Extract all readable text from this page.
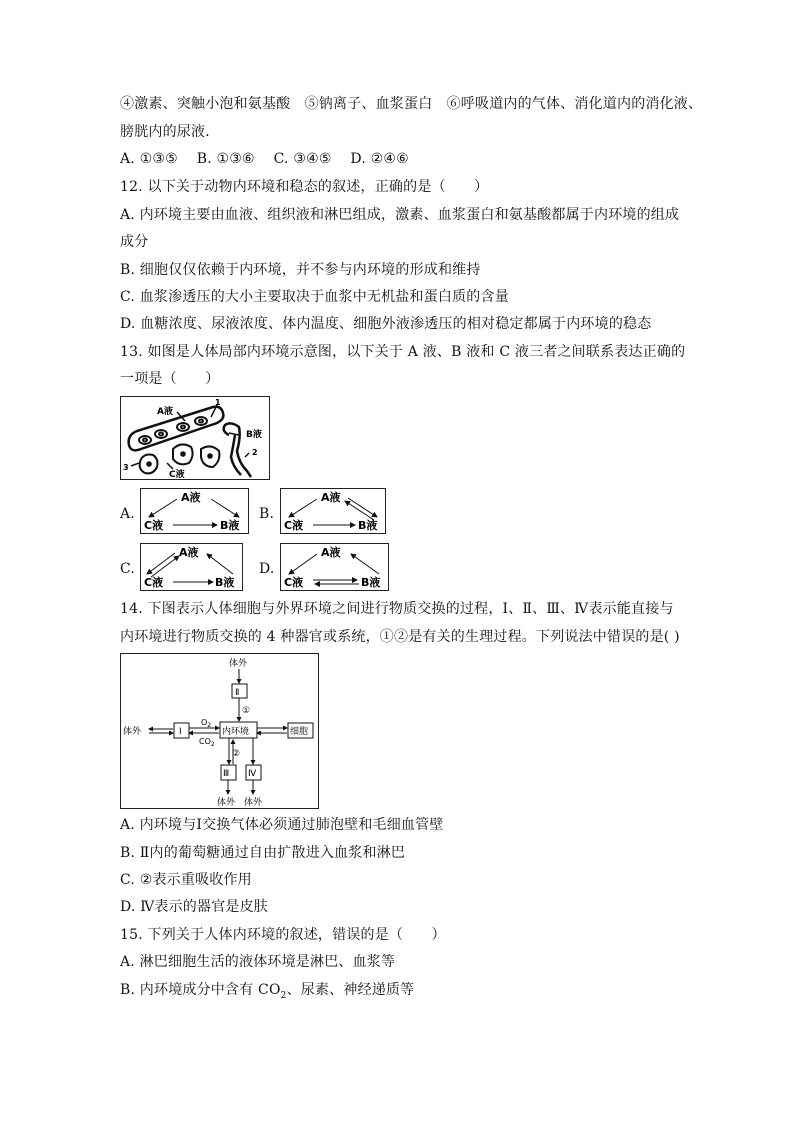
④激素、突触小泡和氨基酸　⑤钠离子、血浆蛋白　⑥呼吸道内的气体、消化道内的消化液、
膀胱内的尿液．
A. ①③⑤　 B. ①③⑥　 C. ③④⑤　 D. ②④⑥
12. 以下关于动物内环境和稳态的叙述，正确的是（　　）
A. 内环境主要由血液、组织液和淋巴组成，激素、血浆蛋白和氨基酸都属于内环境的组成
成分
B. 细胞仅仅依赖于内环境，并不参与内环境的形成和维持
C. 血浆渗透压的大小主要取决于血浆中无机盐和蛋白质的含量
D. 血糖浓度、尿液浓度、体内温度、细胞外液渗透压的相对稳定都属于内环境的稳态
13. 如图是人体局部内环境示意图，以下关于 A 液、B 液和 C 液三者之间联系表达正确的
一项是（　　）
A液
1
B液
2
3
C液
A.
A液
C液	B液
B.
A液
C液	B液
C.
A液
C液	B液
D.
A液
C液	B液
14. 下图表示人体细胞与外界环境之间进行物质交换的过程，Ⅰ、Ⅱ、Ⅲ、Ⅳ表示能直接与
内环境进行物质交换的 4 种器官或系统，①②是有关的生理过程。下列说法中错误的是( )
体外
Ⅱ
①
体外	Ⅰ
$O_2$
$CO_2$
内环境	细胞
②
Ⅲ Ⅳ
体外 体外
A. 内环境与Ⅰ交换气体必须通过肺泡壁和毛细血管壁
B. Ⅱ内的葡萄糖通过自由扩散进入血浆和淋巴
C. ②表示重吸收作用
D. Ⅳ表示的器官是皮肤
15. 下列关于人体内环境的叙述，错误的是（　　）
A. 淋巴细胞生活的液体环境是淋巴、血浆等
B. 内环境成分中含有 $CO_2$、尿素、神经递质等
